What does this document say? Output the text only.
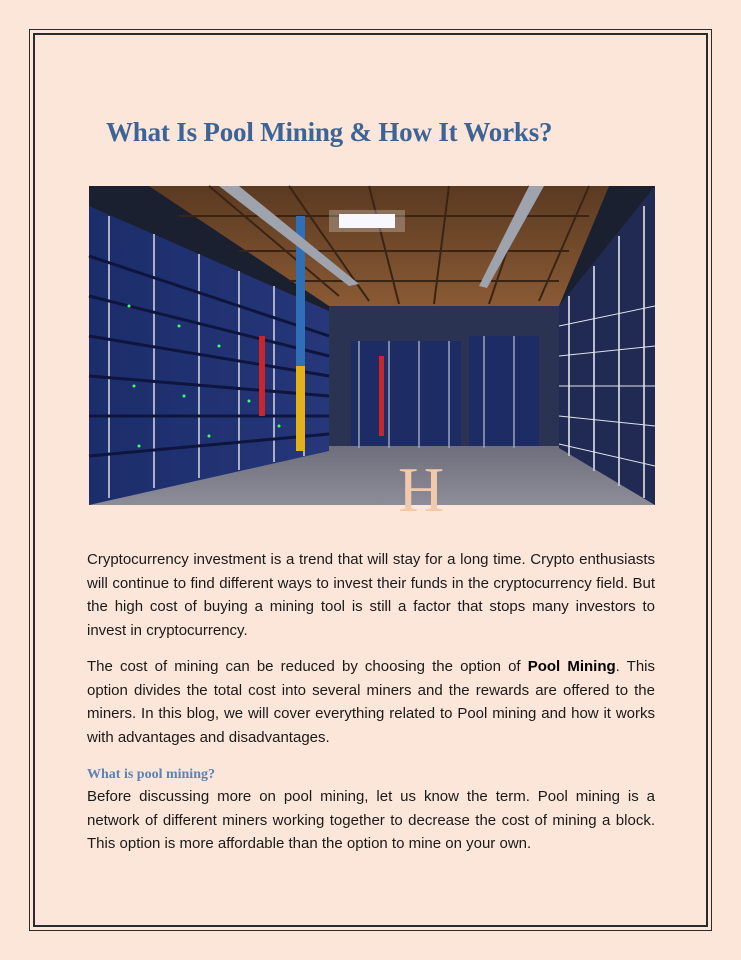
What Is Pool Mining & How It Works?
H

Cryptocurrency investment is a trend that will stay for a long time. Crypto enthusiasts will continue to find different ways to invest their funds in the cryptocurrency field. But the high cost of buying a mining tool is still a factor that stops many investors to invest in cryptocurrency.

The cost of mining can be reduced by choosing the option of Pool Mining. This option divides the total cost into several miners and the rewards are offered to the miners. In this blog, we will cover everything related to Pool mining and how it works with advantages and disadvantages.

What is pool mining?

Before discussing more on pool mining, let us know the term. Pool mining is a network of different miners working together to decrease the cost of mining a block. This option is more affordable than the option to mine on your own.
